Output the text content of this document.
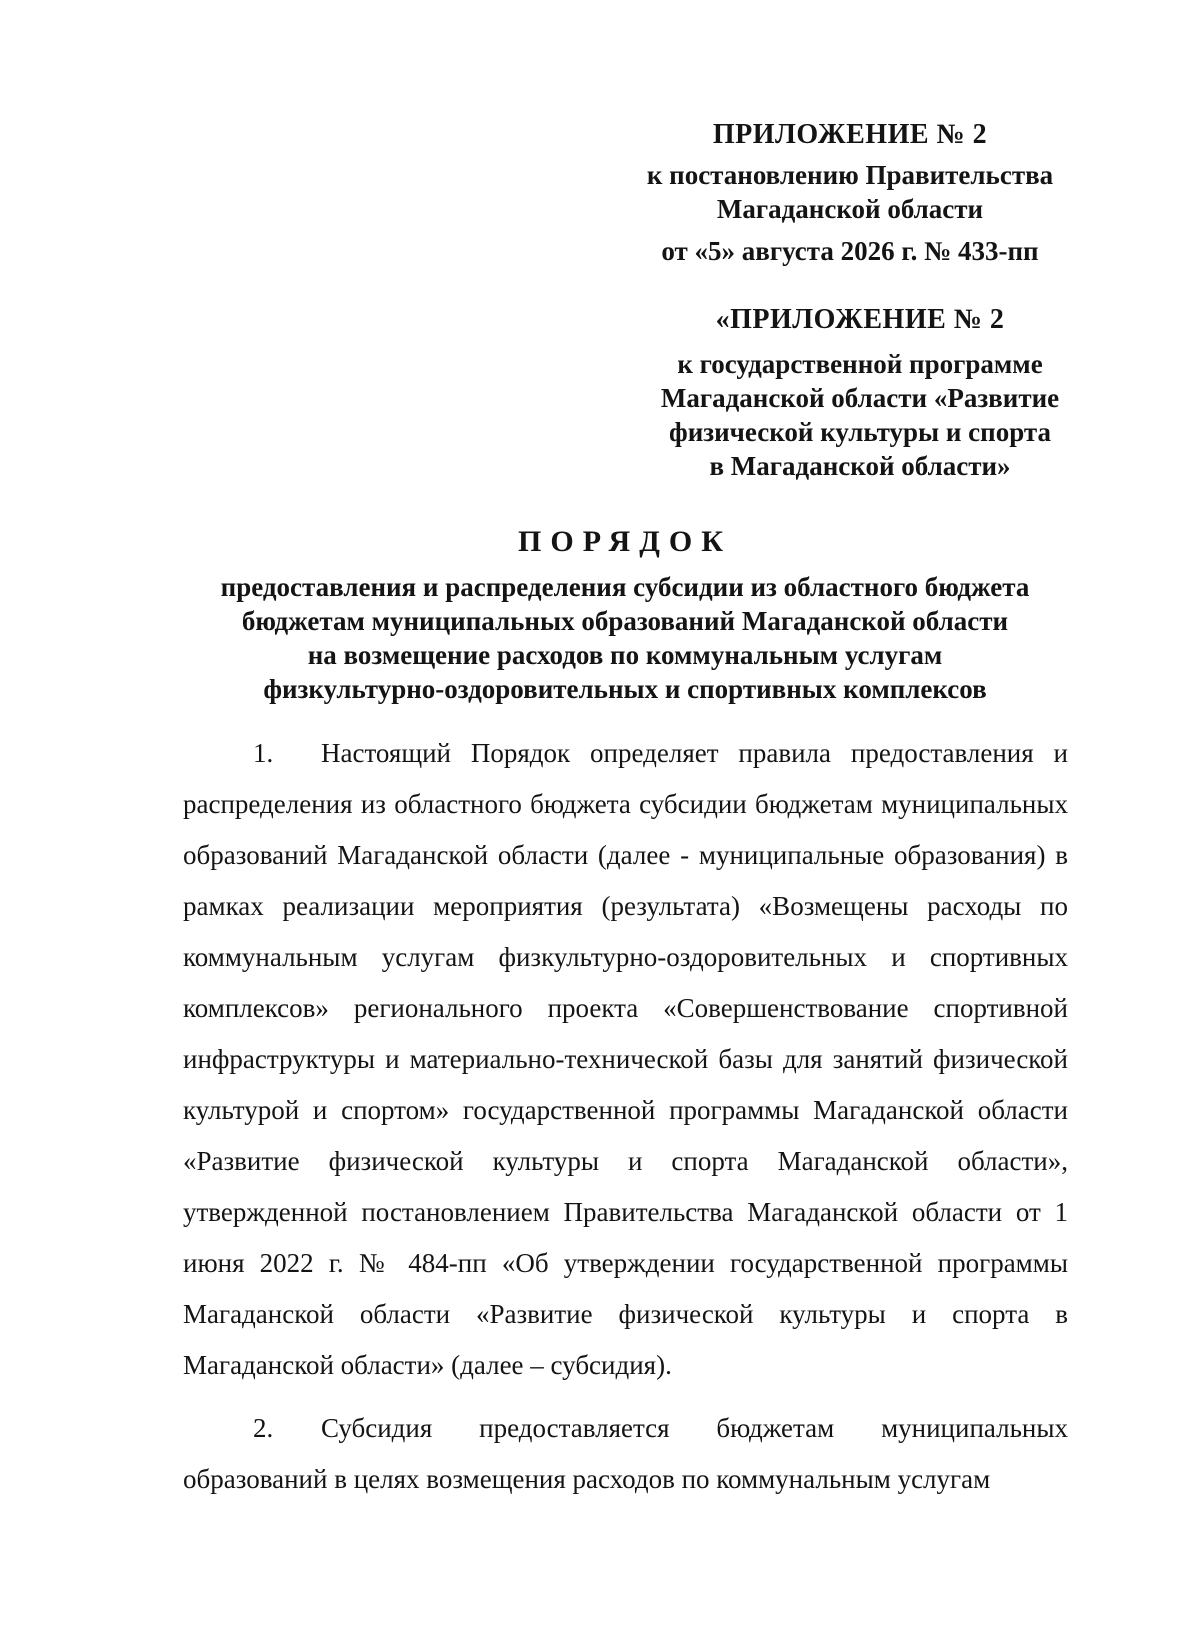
ПРИЛОЖЕНИЕ № 2
к постановлению Правительства
Магаданской области
от «5» августа 2026 г. № 433-пп
«ПРИЛОЖЕНИЕ № 2
к государственной программе
Магаданской области «Развитие
физической культуры и спорта
в Магаданской области»
ПОРЯДОК
предоставления и распределения субсидии из областного бюджета
бюджетам муниципальных образований Магаданской области
на возмещение расходов по коммунальным услугам
физкультурно-оздоровительных и спортивных комплексов

1. Настоящий Порядок определяет правила предоставления и распределения из областного бюджета субсидии бюджетам муниципальных образований Магаданской области (далее - муниципальные образования) в рамках реализации мероприятия (результата) «Возмещены расходы по коммунальным услугам физкультурно-оздоровительных и спортивных комплексов» регионального проекта «Совершенствование спортивной инфраструктуры и материально-технической базы для занятий физической культурой и спортом» государственной программы Магаданской области «Развитие физической культуры и спорта Магаданской области», утвержденной постановлением Правительства Магаданской области от 1 июня 2022 г. № 484-пп «Об утверждении государственной программы Магаданской области «Развитие физической культуры и спорта в Магаданской области» (далее – субсидия).

2. Субсидия предоставляется бюджетам муниципальных образований в целях возмещения расходов по коммунальным услугам
